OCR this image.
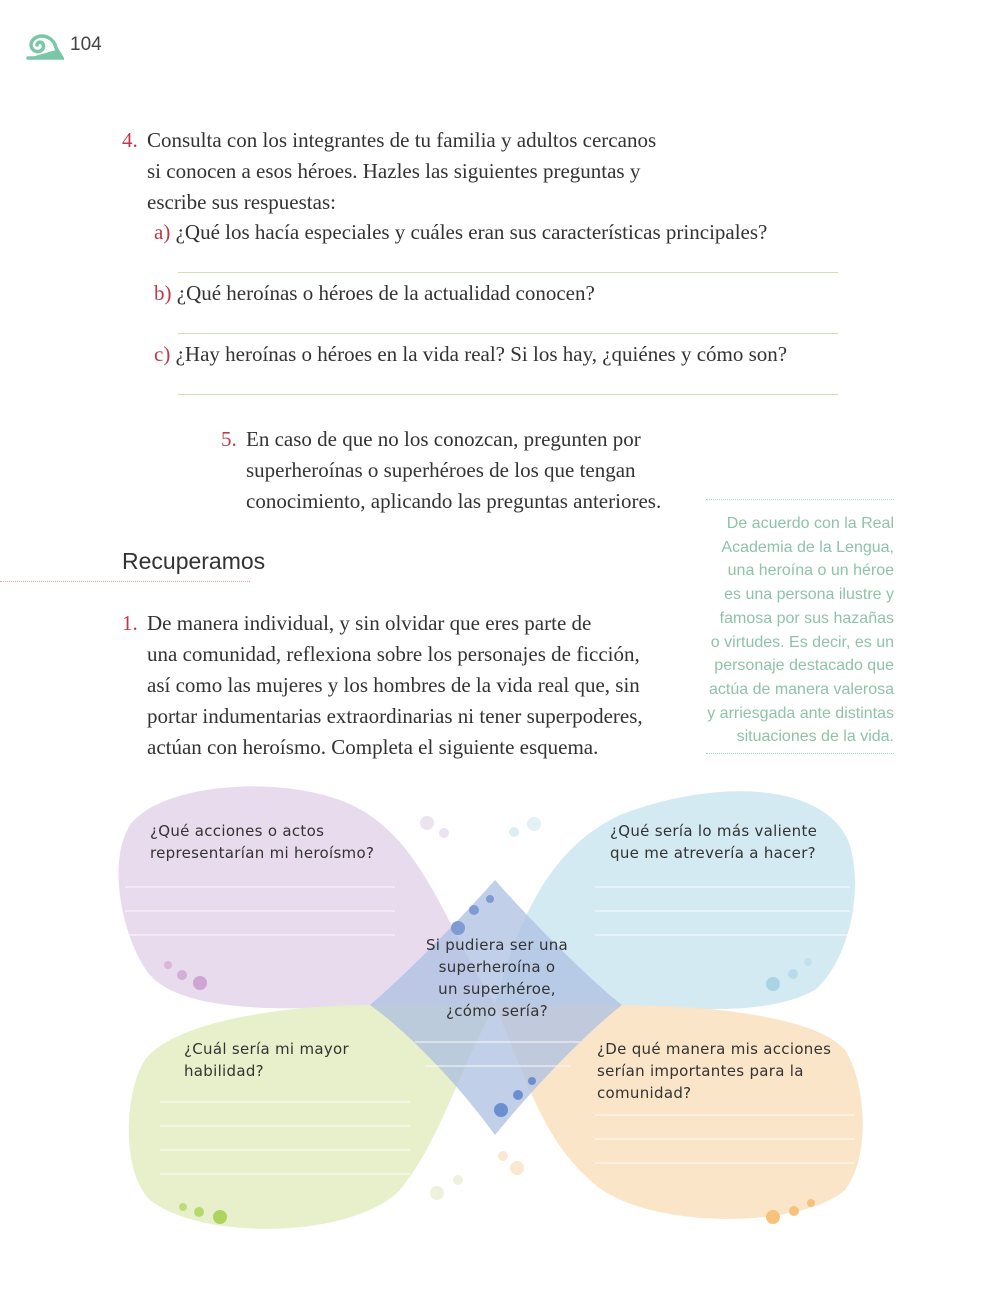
104
4. Consulta con los integrantes de tu familia y adultos cercanos
si conocen a esos héroes. Hazles las siguientes preguntas y
escribe sus respuestas:
a) ¿Qué los hacía especiales y cuáles eran sus características principales?
b) ¿Qué heroínas o héroes de la actualidad conocen?
c) ¿Hay heroínas o héroes en la vida real? Si los hay, ¿quiénes y cómo son?
5. En caso de que no los conozcan, pregunten por
superheroínas o superhéroes de los que tengan
conocimiento, aplicando las preguntas anteriores.
Recuperamos
De acuerdo con la Real
Academia de la Lengua,
una heroína o un héroe
es una persona ilustre y
famosa por sus hazañas
o virtudes. Es decir, es un
personaje destacado que
actúa de manera valerosa
y arriesgada ante distintas
situaciones de la vida.
1. De manera individual, y sin olvidar que eres parte de
una comunidad, reflexiona sobre los personajes de ficción,
así como las mujeres y los hombres de la vida real que, sin
portar indumentarias extraordinarias ni tener superpoderes,
actúan con heroísmo. Completa el siguiente esquema.
¿Qué acciones o actos
representarían mi heroísmo?
¿Qué sería lo más valiente
que me atrevería a hacer?
Si pudiera ser una
superheroína o
un superhéroe,
¿cómo sería?
¿Cuál sería mi mayor
habilidad?
¿De qué manera mis acciones
serían importantes para la
comunidad?
